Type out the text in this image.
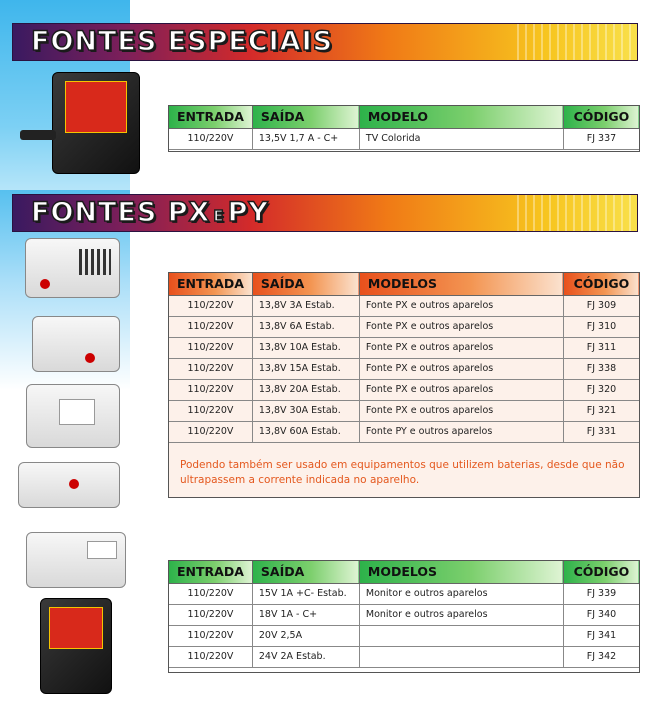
FONTES ESPECIAIS
ENTRADA	SAÍDA	MODELO	CÓDIGO
110/220V	13,5V 1,7 A - C+	TV Colorida	FJ 337
FONTES PX E PY
ENTRADA	SAÍDA	MODELOS	CÓDIGO
110/220V	13,8V 3A Estab.	Fonte PX e outros aparelos	FJ 309
110/220V	13,8V 6A Estab.	Fonte PX e outros aparelos	FJ 310
110/220V	13,8V 10A Estab.	Fonte PX e outros aparelos	FJ 311
110/220V	13,8V 15A Estab.	Fonte PX e outros aparelos	FJ 338
110/220V	13,8V 20A Estab.	Fonte PX e outros aparelos	FJ 320
110/220V	13,8V 30A Estab.	Fonte PX e outros aparelos	FJ 321
110/220V	13,8V 60A Estab.	Fonte PY e outros aparelos	FJ 331
Podendo também ser usado em equipamentos que utilizem baterias, desde que não ultrapassem a corrente indicada no aparelho.
ENTRADA	SAÍDA	MODELOS	CÓDIGO
110/220V	15V 1A +C- Estab.	Monitor e outros aparelos	FJ 339
110/220V	18V 1A - C+	Monitor e outros aparelos	FJ 340
110/220V	20V 2,5A		FJ 341
110/220V	24V 2A Estab.		FJ 342
